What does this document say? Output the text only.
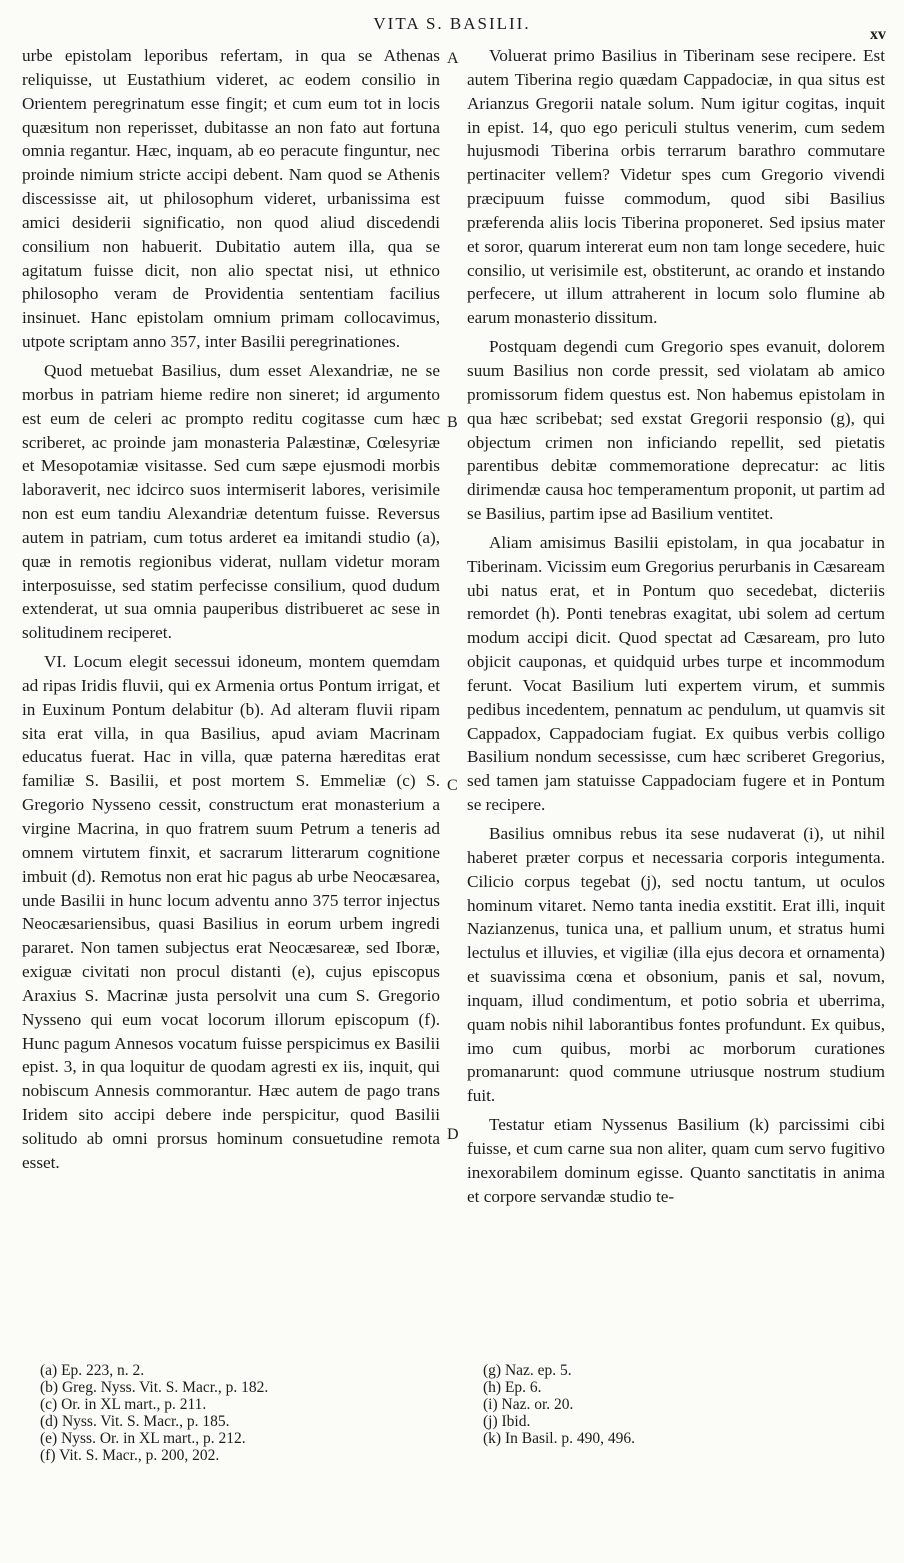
VITA S. BASILII.
xv

urbe epistolam leporibus refertam, in qua se Athenas reliquisse, ut Eustathium videret, ac eodem consilio in Orientem peregrinatum esse fingit; et cum eum tot in locis quæsitum non reperisset, dubitasse an non fato aut fortuna omnia regantur. Hæc, inquam, ab eo peracute finguntur, nec proinde nimium stricte accipi debent. Nam quod se Athenis discessisse ait, ut philosophum videret, urbanissima est amici desiderii significatio, non quod aliud discedendi consilium non habuerit. Dubitatio autem illa, qua se agitatum fuisse dicit, non alio spectat nisi, ut ethnico philosopho veram de Providentia sententiam facilius insinuet. Hanc epistolam omnium primam collocavimus, utpote scriptam anno 357, inter Basilii peregrinationes.

Quod metuebat Basilius, dum esset Alexandriæ, ne se morbus in patriam hieme redire non sineret; id argumento est eum de celeri ac prompto reditu cogitasse cum hæc scriberet, ac proinde jam monasteria Palæstinæ, Cœlesyriæ et Mesopotamiæ visitasse. Sed cum sæpe ejusmodi morbis laboraverit, nec idcirco suos intermiserit labores, verisimile non est eum tandiu Alexandriæ detentum fuisse. Reversus autem in patriam, cum totus arderet ea imitandi studio (a), quæ in remotis regionibus viderat, nullam videtur moram interposuisse, sed statim perfecisse consilium, quod dudum extenderat, ut sua omnia pauperibus distribueret ac sese in solitudinem reciperet.

VI. Locum elegit secessui idoneum, montem quemdam ad ripas Iridis fluvii, qui ex Armenia ortus Pontum irrigat, et in Euxinum Pontum delabitur (b). Ad alteram fluvii ripam sita erat villa, in qua Basilius, apud aviam Macrinam educatus fuerat. Hac in villa, quæ paterna hæreditas erat familiæ S. Basilii, et post mortem S. Emmeliæ (c) S. Gregorio Nysseno cessit, constructum erat monasterium a virgine Macrina, in quo fratrem suum Petrum a teneris ad omnem virtutem finxit, et sacrarum litterarum cognitione imbuit (d). Remotus non erat hic pagus ab urbe Neocæsarea, unde Basilii in hunc locum adventu anno 375 terror injectus Neocæsariensibus, quasi Basilius in eorum urbem ingredi pararet. Non tamen subjectus erat Neocæsareæ, sed Iboræ, exiguæ civitati non procul distanti (e), cujus episcopus Araxius S. Macrinæ justa persolvit una cum S. Gregorio Nysseno qui eum vocat locorum illorum episcopum (f). Hunc pagum Annesos vocatum fuisse perspicimus ex Basilii epist. 3, in qua loquitur de quodam agresti ex iis, inquit, qui nobiscum Annesis commorantur. Hæc autem de pago trans Iridem sito accipi debere inde perspicitur, quod Basilii solitudo ab omni prorsus hominum consuetudine remota esset.

A
B
C
D

Voluerat primo Basilius in Tiberinam sese recipere. Est autem Tiberina regio quædam Cappadociæ, in qua situs est Arianzus Gregorii natale solum. Num igitur cogitas, inquit in epist. 14, quo ego periculi stultus venerim, cum sedem hujusmodi Tiberina orbis terrarum barathro commutare pertinaciter vellem? Videtur spes cum Gregorio vivendi præcipuum fuisse commodum, quod sibi Basilius præferenda aliis locis Tiberina proponeret. Sed ipsius mater et soror, quarum intererat eum non tam longe secedere, huic consilio, ut verisimile est, obstiterunt, ac orando et instando perfecere, ut illum attraherent in locum solo flumine ab earum monasterio dissitum.

Postquam degendi cum Gregorio spes evanuit, dolorem suum Basilius non corde pressit, sed violatam ab amico promissorum fidem questus est. Non habemus epistolam in qua hæc scribebat; sed exstat Gregorii responsio (g), qui objectum crimen non inficiando repellit, sed pietatis parentibus debitæ commemoratione deprecatur: ac litis dirimendæ causa hoc temperamentum proponit, ut partim ad se Basilius, partim ipse ad Basilium ventitet.

Aliam amisimus Basilii epistolam, in qua jocabatur in Tiberinam. Vicissim eum Gregorius perurbanis in Cæsaream ubi natus erat, et in Pontum quo secedebat, dicteriis remordet (h). Ponti tenebras exagitat, ubi solem ad certum modum accipi dicit. Quod spectat ad Cæsaream, pro luto objicit cauponas, et quidquid urbes turpe et incommodum ferunt. Vocat Basilium luti expertem virum, et summis pedibus incedentem, pennatum ac pendulum, ut quamvis sit Cappadox, Cappadociam fugiat. Ex quibus verbis colligo Basilium nondum secessisse, cum hæc scriberet Gregorius, sed tamen jam statuisse Cappadociam fugere et in Pontum se recipere.

Basilius omnibus rebus ita sese nudaverat (i), ut nihil haberet præter corpus et necessaria corporis integumenta. Cilicio corpus tegebat (j), sed noctu tantum, ut oculos hominum vitaret. Nemo tanta inedia exstitit. Erat illi, inquit Nazianzenus, tunica una, et pallium unum, et stratus humi lectulus et illuvies, et vigiliæ (illa ejus decora et ornamenta) et suavissima cœna et obsonium, panis et sal, novum, inquam, illud condimentum, et potio sobria et uberrima, quam nobis nihil laborantibus fontes profundunt. Ex quibus, imo cum quibus, morbi ac morborum curationes promanarunt: quod commune utriusque nostrum studium fuit.

Testatur etiam Nyssenus Basilium (k) parcissimi cibi fuisse, et cum carne sua non aliter, quam cum servo fugitivo inexorabilem dominum egisse. Quanto sanctitatis in anima et corpore servandæ studio te-

(a) Ep. 223, n. 2.

(b) Greg. Nyss. Vit. S. Macr., p. 182.

(c) Or. in XL mart., p. 211.

(d) Nyss. Vit. S. Macr., p. 185.

(e) Nyss. Or. in XL mart., p. 212.

(f) Vit. S. Macr., p. 200, 202.

(g) Naz. ep. 5.

(h) Ep. 6.

(i) Naz. or. 20.

(j) Ibid.

(k) In Basil. p. 490, 496.
